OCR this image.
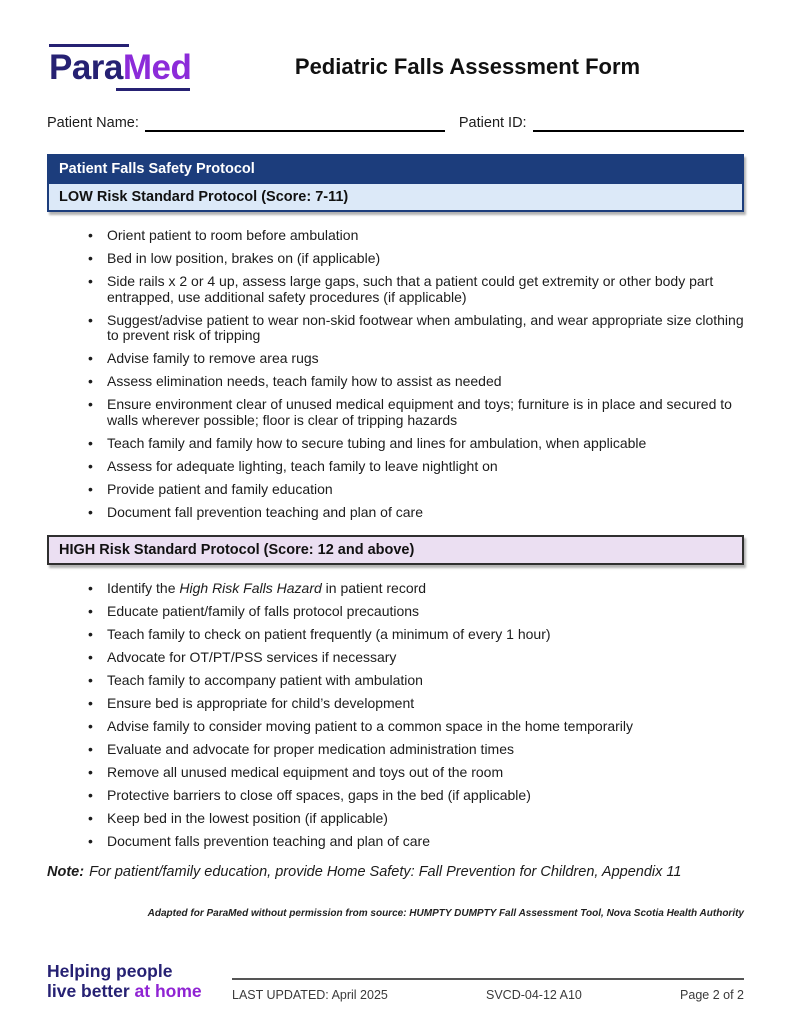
ParaMed	Pediatric Falls Assessment Form
Patient Name:	Patient ID:
Patient Falls Safety Protocol
LOW Risk Standard Protocol (Score: 7-11)
• Orient patient to room before ambulation
• Bed in low position, brakes on (if applicable)
• Side rails x 2 or 4 up, assess large gaps, such that a patient could get extremity or other body part entrapped, use additional safety procedures (if applicable)
• Suggest/advise patient to wear non-skid footwear when ambulating, and wear appropriate size clothing to prevent risk of tripping
• Advise family to remove area rugs
• Assess elimination needs, teach family how to assist as needed
• Ensure environment clear of unused medical equipment and toys; furniture is in place and secured to walls wherever possible; floor is clear of tripping hazards
• Teach family and family how to secure tubing and lines for ambulation, when applicable
• Assess for adequate lighting, teach family to leave nightlight on
• Provide patient and family education
• Document fall prevention teaching and plan of care
HIGH Risk Standard Protocol (Score: 12 and above)
• Identify the High Risk Falls Hazard in patient record
• Educate patient/family of falls protocol precautions
• Teach family to check on patient frequently (a minimum of every 1 hour)
• Advocate for OT/PT/PSS services if necessary
• Teach family to accompany patient with ambulation
• Ensure bed is appropriate for child’s development
• Advise family to consider moving patient to a common space in the home temporarily
• Evaluate and advocate for proper medication administration times
• Remove all unused medical equipment and toys out of the room
• Protective barriers to close off spaces, gaps in the bed (if applicable)
• Keep bed in the lowest position (if applicable)
• Document falls prevention teaching and plan of care
Note: For patient/family education, provide Home Safety: Fall Prevention for Children, Appendix 11
Adapted for ParaMed without permission from source: HUMPTY DUMPTY Fall Assessment Tool, Nova Scotia Health Authority
Helping people
live better at home	LAST UPDATED: April 2025	SVCD-04-12 A10	Page 2 of 2
